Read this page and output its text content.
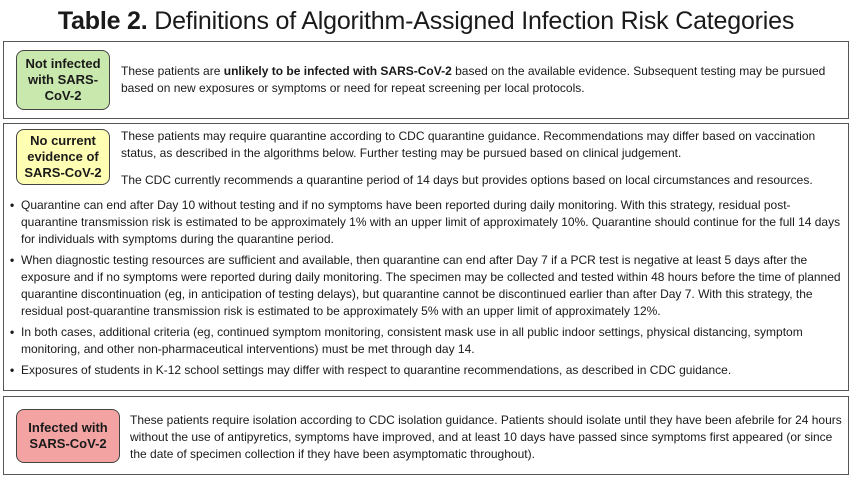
Table 2. Definitions of Algorithm-Assigned Infection Risk Categories
Not infected with SARS-CoV-2
These patients are unlikely to be infected with SARS-CoV-2 based on the available evidence. Subsequent testing may be pursued based on new exposures or symptoms or need for repeat screening per local protocols.
No current evidence of SARS-CoV-2
These patients may require quarantine according to CDC quarantine guidance. Recommendations may differ based on vaccination status, as described in the algorithms below. Further testing may be pursued based on clinical judgement.
The CDC currently recommends a quarantine period of 14 days but provides options based on local circumstances and resources.
• Quarantine can end after Day 10 without testing and if no symptoms have been reported during daily monitoring. With this strategy, residual post-quarantine transmission risk is estimated to be approximately 1% with an upper limit of approximately 10%. Quarantine should continue for the full 14 days for individuals with symptoms during the quarantine period.
• When diagnostic testing resources are sufficient and available, then quarantine can end after Day 7 if a PCR test is negative at least 5 days after the exposure and if no symptoms were reported during daily monitoring. The specimen may be collected and tested within 48 hours before the time of planned quarantine discontinuation (eg, in anticipation of testing delays), but quarantine cannot be discontinued earlier than after Day 7. With this strategy, the residual post-quarantine transmission risk is estimated to be approximately 5% with an upper limit of approximately 12%.
• In both cases, additional criteria (eg, continued symptom monitoring, consistent mask use in all public indoor settings, physical distancing, symptom monitoring, and other non-pharmaceutical interventions) must be met through day 14.
• Exposures of students in K-12 school settings may differ with respect to quarantine recommendations, as described in CDC guidance.
Infected with SARS-CoV-2
These patients require isolation according to CDC isolation guidance. Patients should isolate until they have been afebrile for 24 hours without the use of antipyretics, symptoms have improved, and at least 10 days have passed since symptoms first appeared (or since the date of specimen collection if they have been asymptomatic throughout).
